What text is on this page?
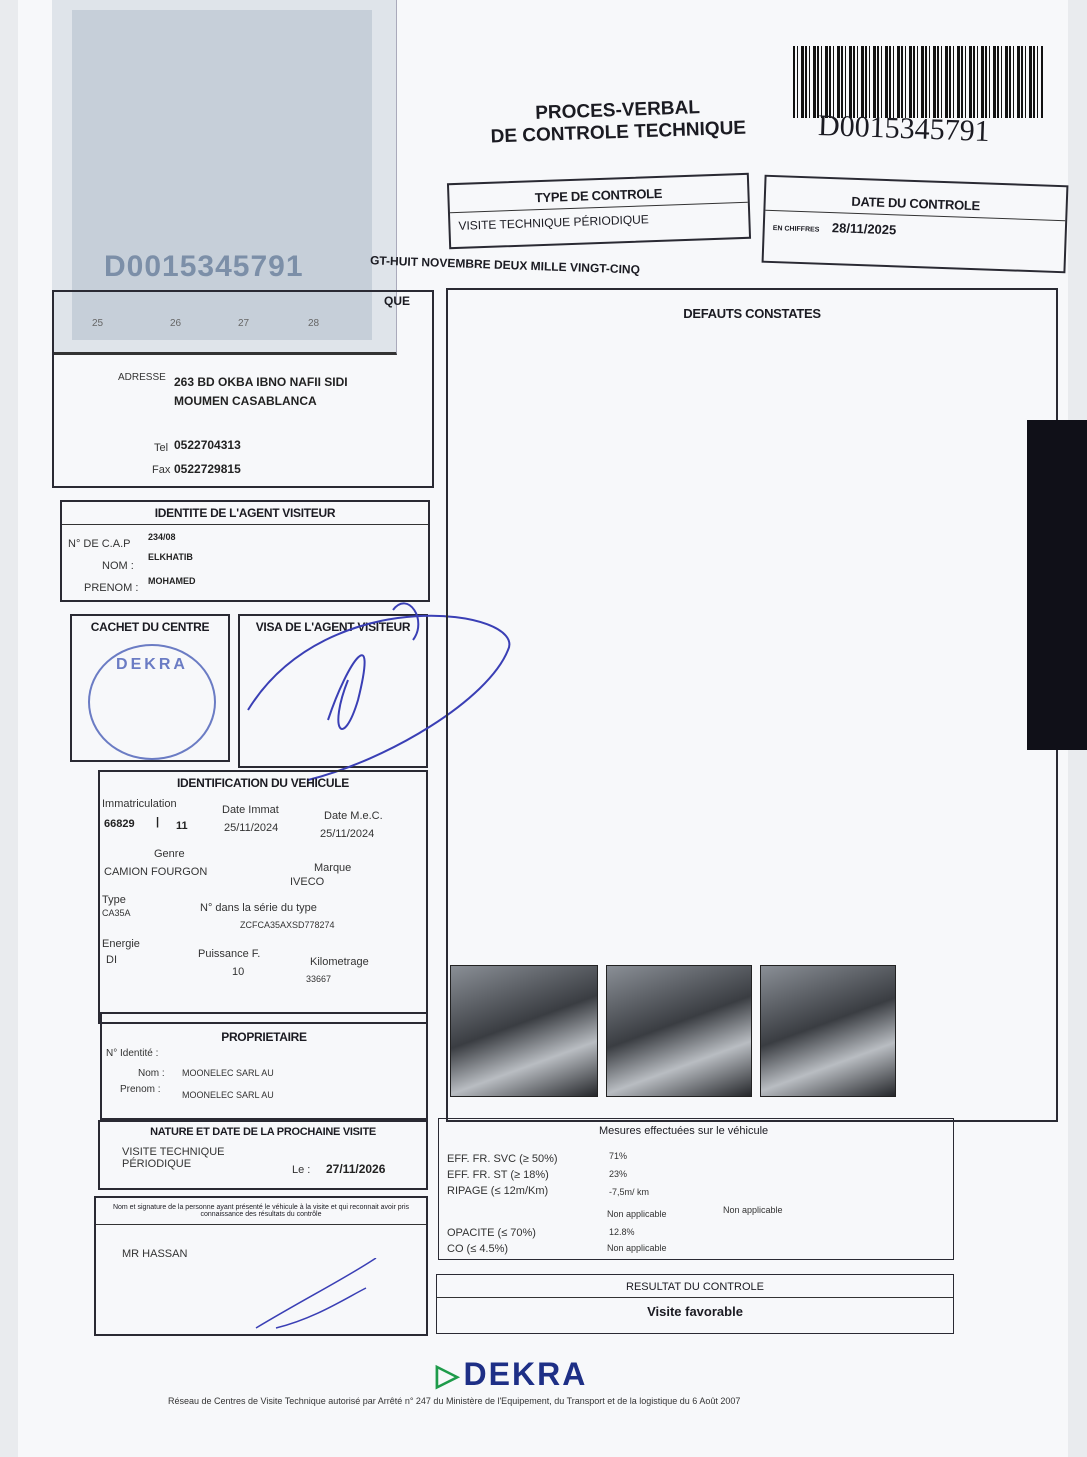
D0015345791
25	26	27	28
PROCES-VERBAL
DE CONTROLE TECHNIQUE	D0015345791
TYPE DE CONTROLE
VISITE TECHNIQUE PÉRIODIQUE
DATE DU CONTROLE
EN CHIFFRES 28/11/2025
GT-HUIT NOVEMBRE DEUX MILLE VINGT-CINQ
QUE
ADRESSE 263 BD OKBA IBNO NAFII SIDI
MOUMEN CASABLANCA
Tel 0522704313
Fax 0522729815
IDENTITE DE L'AGENT VISITEUR
N° DE C.A.P
234/08
NOM :
ELKHATIB
PRENOM :
MOHAMED
CACHET DU CENTRE
DEKRA
VISA DE L'AGENT VISITEUR
IDENTIFICATION DU VEHICULE
Immatriculation
66829 | 11
Date Immat
25/11/2024
Date M.e.C.
25/11/2024
Genre
CAMION FOURGON	Marque
IVECO
Type
CA35A	N° dans la série du type
ZCFCA35AXSD778274
Energie
DI	Puissance F.
10
Kilometrage
33667
PROPRIETAIRE
N° Identité :
Nom : MOONELEC SARL AU
Prenom : MOONELEC SARL AU
NATURE ET DATE DE LA PROCHAINE VISITE
VISITE TECHNIQUE
PÉRIODIQUE	Le : 27/11/2026
Nom et signature de la personne ayant présenté le véhicule à la visite et qui reconnait avoir pris connaissance des résultats du contrôle
MR HASSAN
DEFAUTS CONSTATES
Mesures effectuées sur le véhicule
EFF. FR. SVC (≥ 50%)	71%
EFF. FR. ST (≥ 18%)	23%
RIPAGE (≤ 12m/Km)	-7,5m/ km
Non applicable	Non applicable
OPACITE (≤ 70%)	12.8%
CO (≤ 4.5%)	Non applicable
RESULTAT DU CONTROLE
Visite favorable
▷ DEKRA
Réseau de Centres de Visite Technique autorisé par Arrêté n° 247 du Ministère de l'Equipement, du Transport et de la logistique du 6 Août 2007
